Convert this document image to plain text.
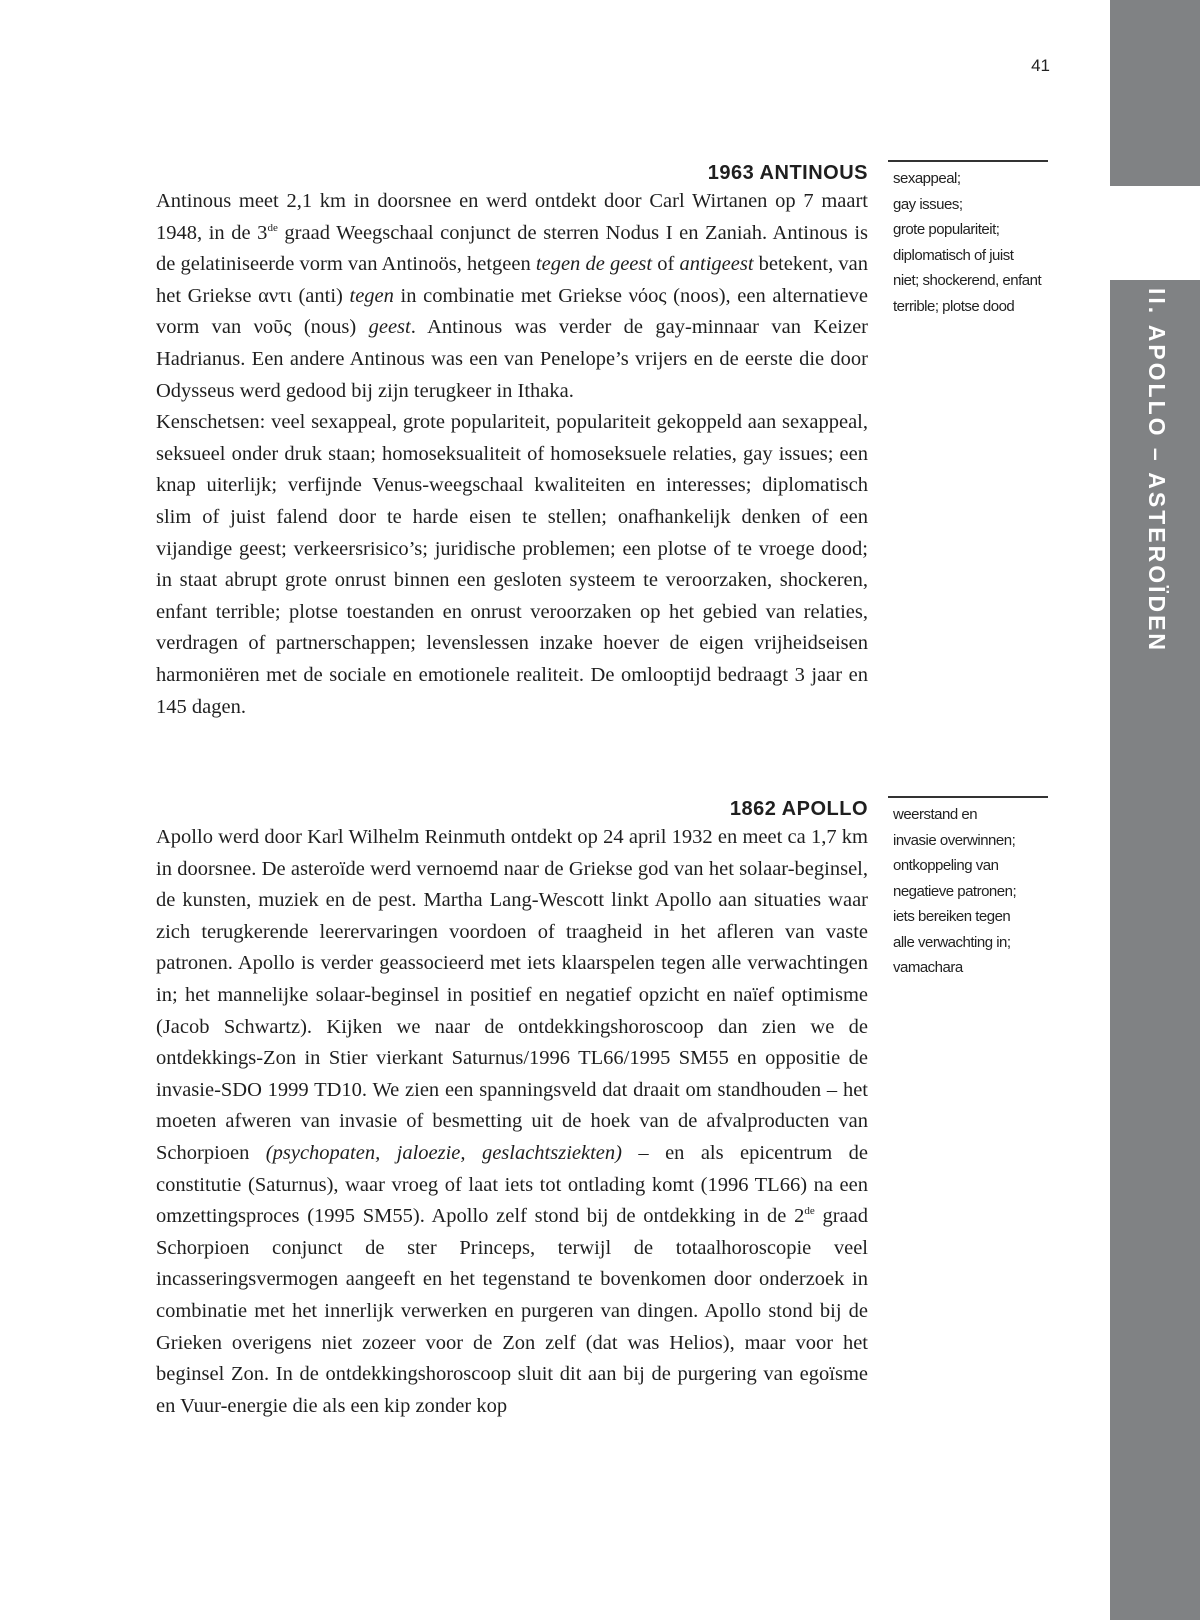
II. APOLLO – ASTEROÏDEN
41
1963 ANTINOUS

Antinous meet 2,1 km in doorsnee en werd ontdekt door Carl Wirtanen op 7 maart 1948, in de 3de graad Weegschaal conjunct de sterren Nodus I en Zaniah. Antinous is de gelatiniseerde vorm van Antinoös, hetgeen tegen de geest of antigeest betekent, van het Griekse αντι (anti) tegen in combinatie met Griekse νόος (noos), een alternatieve vorm van νοῦς (nous) geest. Antinous was verder de gay-minnaar van Keizer Hadrianus. Een andere Antinous was een van Penelope’s vrijers en de eerste die door Odysseus werd gedood bij zijn terugkeer in Ithaka.

Kenschetsen: veel sexappeal, grote populariteit, populariteit gekoppeld aan sexappeal, seksueel onder druk staan; homoseksualiteit of homoseksuele relaties, gay issues; een knap uiterlijk; verfijnde Venus-weegschaal kwaliteiten en interesses; diplomatisch slim of juist falend door te harde eisen te stellen; onafhankelijk denken of een vijandige geest; verkeersrisico’s; juridische problemen; een plotse of te vroege dood; in staat abrupt grote onrust binnen een gesloten systeem te veroorzaken, shockeren, enfant terrible; plotse toestanden en onrust veroorzaken op het gebied van relaties, verdragen of partnerschappen; levenslessen inzake hoever de eigen vrijheidseisen harmoniëren met de sociale en emotionele realiteit. De omlooptijd bedraagt 3 jaar en 145 dagen.

sexappeal;
gay issues;
grote populariteit;
diplomatisch of juist
niet; shockerend, enfant
terrible; plotse dood
1862 APOLLO

Apollo werd door Karl Wilhelm Reinmuth ontdekt op 24 april 1932 en meet ca 1,7 km in doorsnee. De asteroïde werd vernoemd naar de Griekse god van het solaar-beginsel, de kunsten, muziek en de pest. Martha Lang-Wescott linkt Apollo aan situaties waar zich terugkerende leerervaringen voordoen of traagheid in het afleren van vaste patronen. Apollo is verder geassocieerd met iets klaarspelen tegen alle verwachtingen in; het mannelijke solaar-beginsel in positief en negatief opzicht en naïef optimisme (Jacob Schwartz). Kijken we naar de ontdekkingshoroscoop dan zien we de ontdekkings-Zon in Stier vierkant Saturnus/1996 TL66/1995 SM55 en oppositie de invasie-SDO 1999 TD10. We zien een spanningsveld dat draait om standhouden – het moeten afweren van invasie of besmetting uit de hoek van de afvalproducten van Schorpioen (psychopaten, jaloezie, geslachtsziekten) – en als epicentrum de constitutie (Saturnus), waar vroeg of laat iets tot ontlading komt (1996 TL66) na een omzettingsproces (1995 SM55). Apollo zelf stond bij de ontdekking in de 2de graad Schorpioen conjunct de ster Princeps, terwijl de totaalhoroscopie veel incasseringsvermogen aangeeft en het tegenstand te bovenkomen door onderzoek in combinatie met het innerlijk verwerken en purgeren van dingen. Apollo stond bij de Grieken overigens niet zozeer voor de Zon zelf (dat was Helios), maar voor het beginsel Zon. In de ontdekkingshoroscoop sluit dit aan bij de purgering van egoïsme en Vuur-energie die als een kip zonder kop

weerstand en
invasie overwinnen;
ontkoppeling van
negatieve patronen;
iets bereiken tegen
alle verwachting in;
vamachara
